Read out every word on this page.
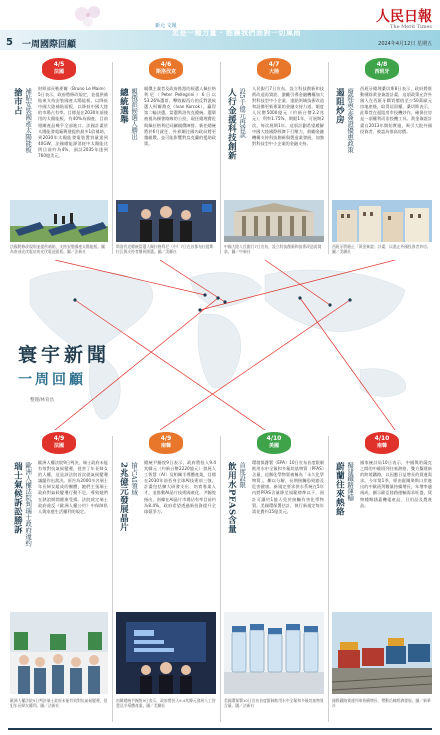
5 一周國際回顧
新元 文報
忠是一種力量 · 能讓我們面對一切風雨
人民日報
The Merit Times
2024年4月12日 星期五
寰宇新聞
一周回顧
整理/林育昌
4/5
法國
搶市占 補貼安裝國產太陽能板 財經部長勒麥爾（Bruno Le Maire）5日表示，政府將修改規定，並提供補貼來支持安裝國產太陽能板，以降低中國大陸補貼面板，以降低中國大陸的市場占有率。目標是在2030年前使用的太陽能板，有40%為國產，目前相關產品幾乎全部進口。法國計畫於太陽能發電廠興建提供最多1倍補助，到2030年太陽能發電裝置容量達到40GW。法國總能源消耗中太陽能比例目前約為4%，預計2035年達到760億美元。
法國將修改規則並提供補貼，支持安裝國產太陽能板。圖為南部光伏電站的光伏電池面板。圖／法新社
4/6
斯洛伐克
總統選舉 親俄派候選人勝出 親俄主義者及政府推派的候選人佩拉格利尼（Peter Pellegrini）6日以53.26%選票，擊敗親西方的反對派候選人柯爾喬克（Ivan Korcok），贏得第二輪決選，當選斯洛伐克總統。選舉被視為國會路線的公投，現任總理費佐與佩拉格利尼同屬親俄陣營。新任總統將於6月就任，外界關注國內政局將更趨親俄，並可能影響對烏克蘭的援助政策。
斯洛伐克總統當選人佩拉格利尼（中）7日在首都布拉提斯拉瓦與支持者慶祝勝選。圖／美聯社
4/7
大陸
人行金援科技創新 設5千億元再貸款 人民銀行7日宣布，設立科技創新和技術改造再貸款，激勵引導金融機構加大對科技型中小企業、重點領域技術改造和設備更新專案的金融支持力道。額度人民幣5000億元（約新台幣2.2兆元），利率1.75%，期限1年，可展期2次，每次展期1年。這項計劃希望緩解中國大陸國際經濟下行壓力，鼓勵金融機構支持科技創新與製造業發展，加強對科技型中小企業的金融支持。
中國大陸人民銀行7日宣布，設立科技創新和技術改造再貸款。圖／中新社
4/8
西班牙
遏阻炒房 廢除黃金簽證優惠政策 西班牙總理桑切斯8日表示，政府將推動廢除黃金簽證計畫，這項政策允許外國人在西班牙購買價值至少50萬歐元房地產後，取得居留權。桑切斯表示，此舉旨在遏阻房市投機炒作，確保住房是一項權利而非投機工具。黃金簽證計畫自2013年開始實施，吸引大批外國投資者，被認為推高房價。
西班牙將廢止「黃金簽證」計畫，以遏止外國投資者炒房。圖／美聯社
4/9
法國
瑞士氣候訴訟勝訴 歐洲人權法院判瑞士政府違約 歐洲人權法院9日判決，瑞士政府未能有效對抗氣候變遷，侵害了年長婦女的人權，這是該法院首次就氣候變遷議題作出裁決。原告為2000多名瑞士年長婦女組成的團體，她們主張瑞士政府對氣候變遷行動不足，導致她們在熱浪期間健康受損。法院裁定瑞士政府違反《歐洲人權公約》中保障私人與家庭生活權利的規定。
歐洲人權法院9日判決瑞士政府未能有效對抗氣候變遷，侵犯年長婦女權利。圖／法新社
4/9
南韓
2兆億元發展晶片 搶占AI領域 總統尹錫悅9日表示，政府將投入9.4兆韓元（約新台幣2220億元）發展人工智慧（AI）及相關半導體產業，目標在2030年前晉身全球AI技術前三強。計畫包括擴大研發支出、培育專業人才，並推動AI晶片技術國產化。尹錫悅指出，南韓在AI晶片市場佔有率目前約為8.4%，政府希望透過新投資提升全球競爭力。
南韓總統尹錫悅9日表示，政府將投入9.4兆韓元發展人工智慧及半導體產業。圖／美聯社
4/10
美國
飲用水PFAS含量 首度設限 環境保護署（EPA）10日宣布首度限制飲用水中全氟和多氟烷基物質（PFAS）含量，這類化學物質被稱為「永久化學物質」，難以分解，長期接觸恐致癌及危害健康。新規定要求供水系統在5年內將PFAS含量降至規範標準以下，預計可讓約1億人免於接觸有害化學物質。美國環保署估計，執行新規定每年需花費約15億美元。
美國環保署10日宣布首度限制飲用水中全氟和多氟烷基物質含量。圖／法新社
4/10
南韓
蔚蘭往來熱絡 擬建鐵路運輸 國家統計局10日表示，中國與哈薩克之間的中歐班列往來熱絡，雙方擬建新的跨境鐵路，以因應日益增長的貨運需求。今年第1季，經由霍爾果斯口岸進出的中歐班列數量持續增長，年增率逾兩成，顯示歐亞陸路運輸需求旺盛，貨物種類涵蓋機電產品、日用品及農產品。
國際鐵路貨運列車持續增長，帶動沿線經濟發展。圖／新華社
